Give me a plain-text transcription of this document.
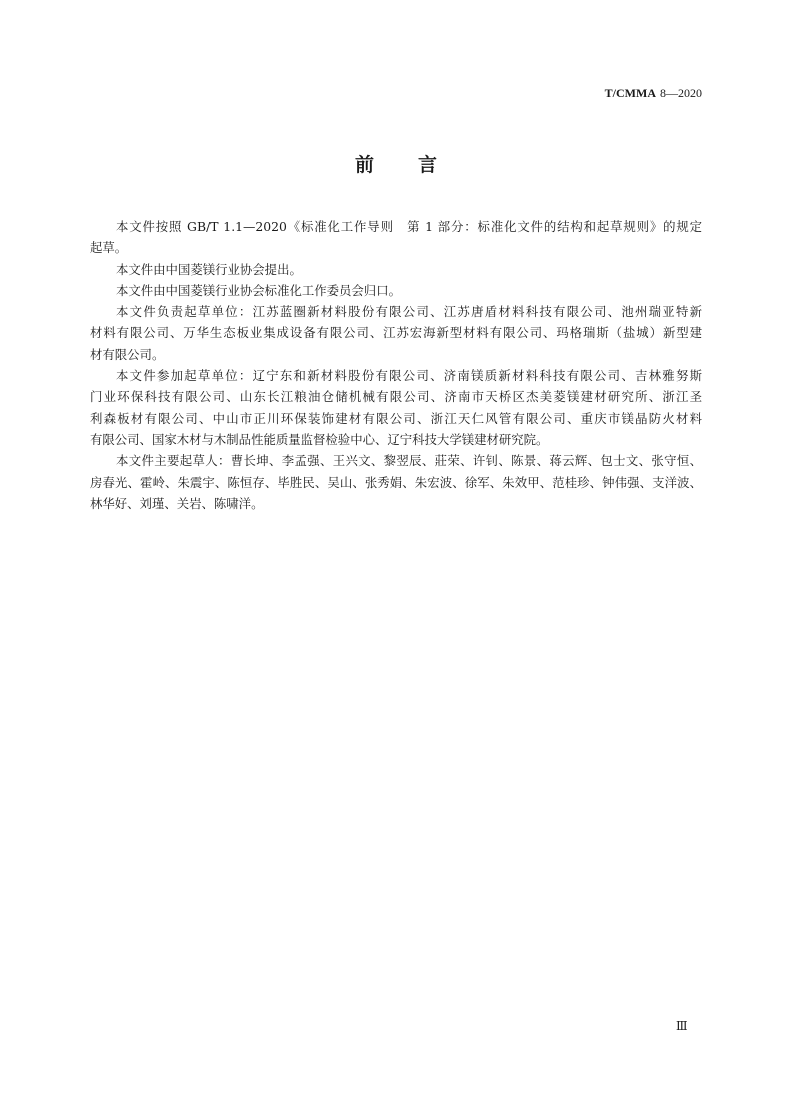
T/CMMA 8—2020
前言

本文件按照 GB/T 1.1—2020《标准化工作导则　第 1 部分：标准化文件的结构和起草规则》的规定
起草。

本文件由中国菱镁行业协会提出。

本文件由中国菱镁行业协会标准化工作委员会归口。

本文件负责起草单位：江苏蓝圈新材料股份有限公司、江苏唐盾材料科技有限公司、池州瑞亚特新
材料有限公司、万华生态板业集成设备有限公司、江苏宏海新型材料有限公司、玛格瑞斯（盐城）新型建
材有限公司。

本文件参加起草单位：辽宁东和新材料股份有限公司、济南镁质新材料科技有限公司、吉林雅努斯
门业环保科技有限公司、山东长江粮油仓储机械有限公司、济南市天桥区杰美菱镁建材研究所、浙江圣
利森板材有限公司、中山市正川环保装饰建材有限公司、浙江天仁风管有限公司、重庆市镁晶防火材料
有限公司、国家木材与木制品性能质量监督检验中心、辽宁科技大学镁建材研究院。

本文件主要起草人：曹长坤、李孟强、王兴文、黎翌辰、莊荣、许钊、陈景、蒋云辉、包士文、张守恒、
房春光、霍岭、朱震宇、陈恒存、毕胜民、吴山、张秀娟、朱宏波、徐军、朱效甲、范桂珍、钟伟强、支洋波、
林华好、刘瑾、关岩、陈啸洋。

Ⅲ
